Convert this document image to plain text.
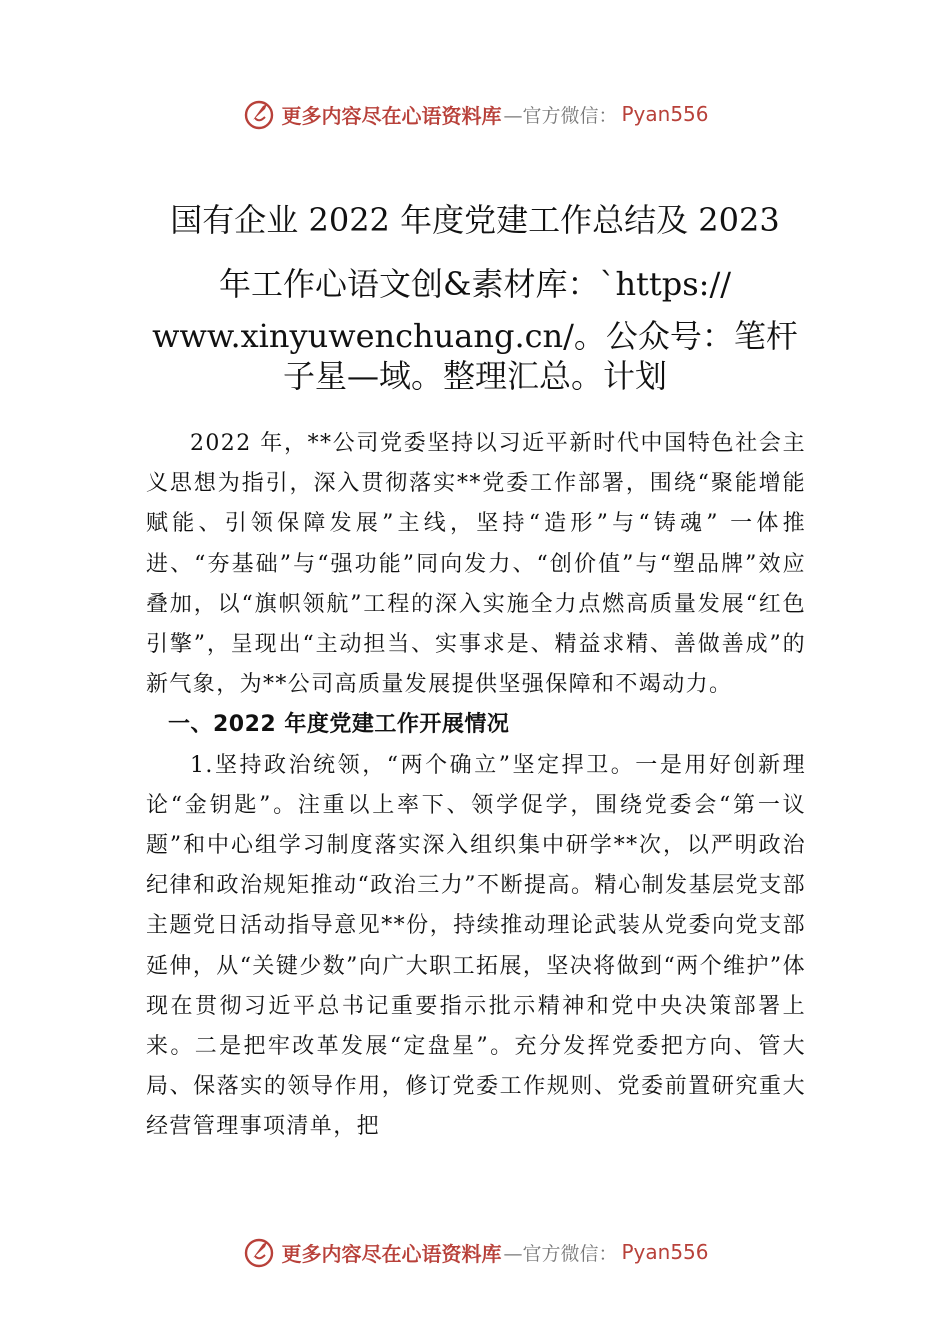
更多内容尽在心语资料库 —官方微信： Pyan556
国有企业 2022 年度党建工作总结及 2023
年工作心语文创&素材库：`https://
www.xinyuwenchuang.cn/。公众号：笔杆
子星—域。整理汇总。计划

2022 年，**公司党委坚持以习近平新时代中国特色社会主义思想为指引，深入贯彻落实**党委工作部署，围绕“聚能增能赋能、引领保障发展”主线，坚持“造形”与“铸魂” 一体推进、“夯基础”与“强功能”同向发力、“创价值”与“塑品牌”效应叠加，以“旗帜领航”工程的深入实施全力点燃高质量发展“红色引擎”，呈现出“主动担当、实事求是、精益求精、善做善成”的新气象，为**公司高质量发展提供坚强保障和不竭动力。

一、2022 年度党建工作开展情况

1.坚持政治统领，“两个确立”坚定捍卫。一是用好创新理论“金钥匙”。注重以上率下、领学促学，围绕党委会“第一议题”和中心组学习制度落实深入组织集中研学**次，以严明政治纪律和政治规矩推动“政治三力”不断提高。精心制发基层党支部主题党日活动指导意见**份，持续推动理论武装从党委向党支部延伸，从“关键少数”向广大职工拓展，坚决将做到“两个维护”体现在贯彻习近平总书记重要指示批示精神和党中央决策部署上来。二是把牢改革发展“定盘星”。充分发挥党委把方向、管大局、保落实的领导作用，修订党委工作规则、党委前置研究重大经营管理事项清单，把

更多内容尽在心语资料库 —官方微信： Pyan556
